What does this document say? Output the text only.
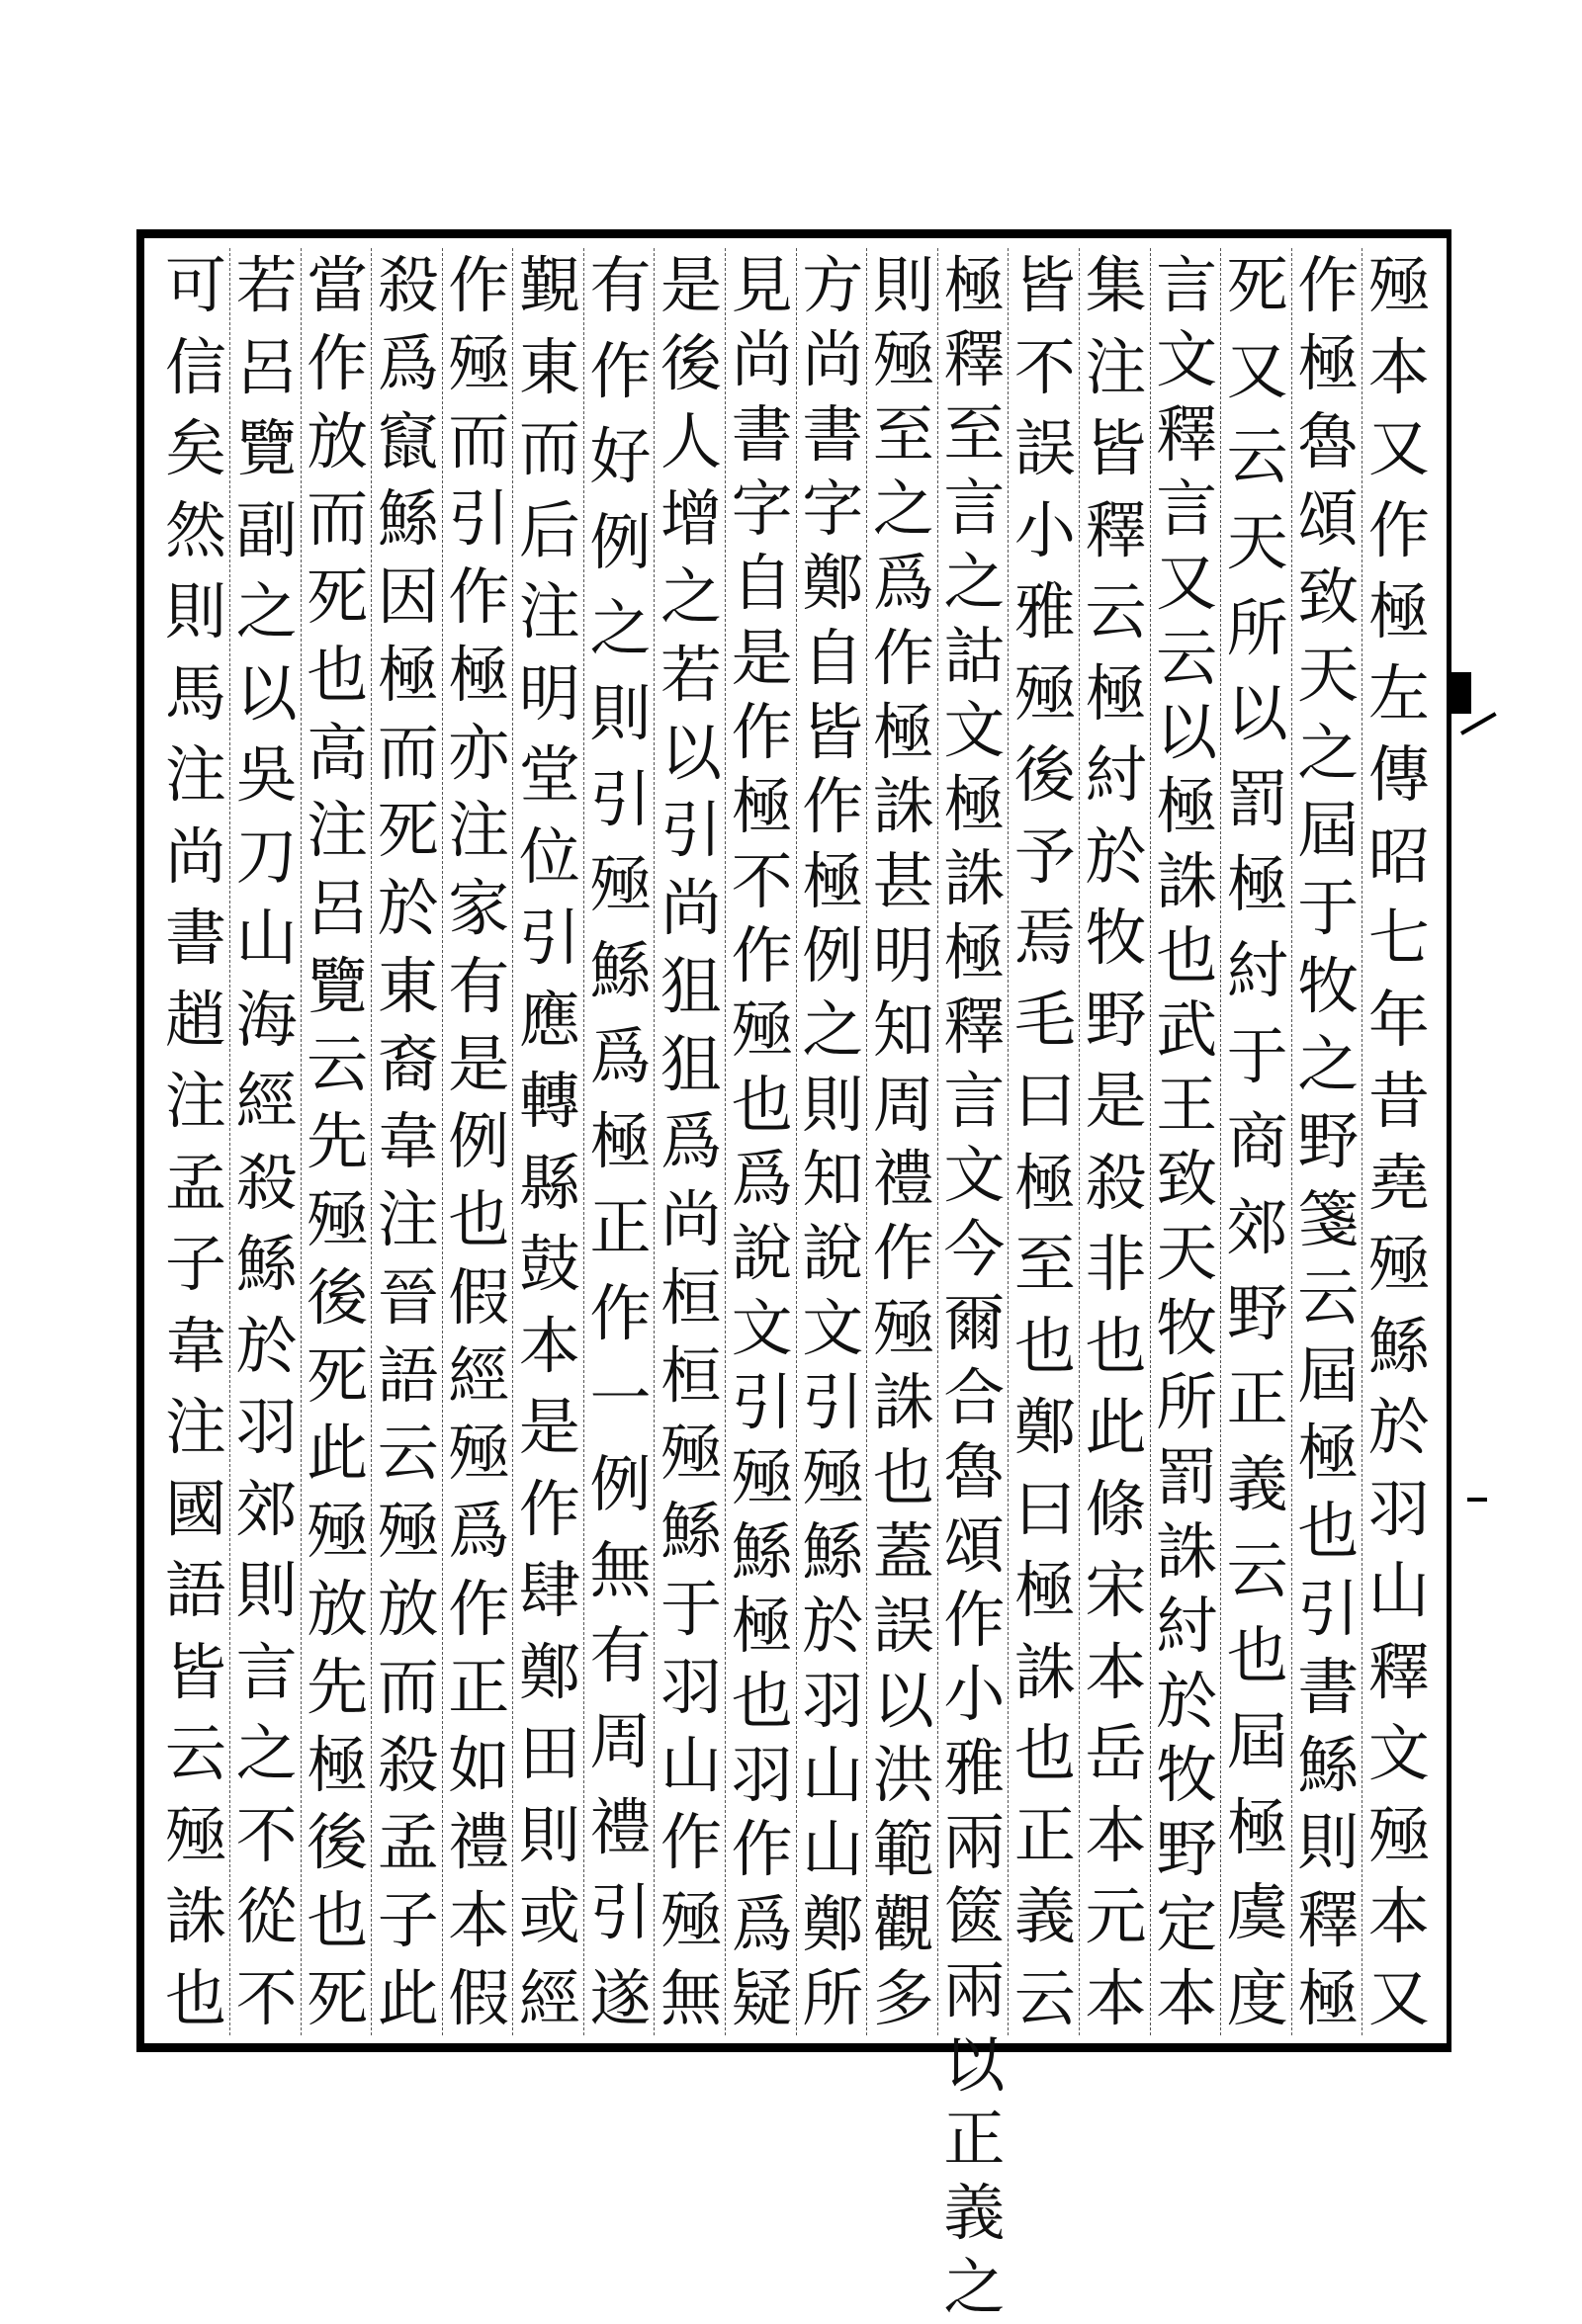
殛
本
又
作
極
左
傳
昭
七
年
昔
堯
殛
鯀
於
羽
山
釋
文
殛
本
又
作
極
魯
頌
致
天
之
屆
于
牧
之
野
箋
云
屆
極
也
引
書
鯀
則
釋
極
死
又
云
天
所
以
罰
極
紂
于
商
郊
野
正
義
云
也
屆
極
虞
度
言
文
釋
言
又
云
以
極
誅
也
武
王
致
天
牧
所
罰
誅
紂
於
牧
野
定
本
集
注
皆
釋
云
極
紂
於
牧
野
是
殺
非
也
此
條
宋
本
岳
本
元
本
皆
不
誤
小
雅
殛
後
予
焉
毛
曰
極
至
也
鄭
曰
極
誅
也
正
義
云
極
釋
至
言
之
詁
文
極
誅
極
釋
言
文
今
爾
合
魯
頌
作
小
雅
兩
篋
兩
以
正
義
之
則
殛
至
之
爲
作
極
誅
甚
明
知
周
禮
作
殛
誅
也
蓋
誤
以
洪
範
觀
多
方
尚
書
字
鄭
自
皆
作
極
例
之
則
知
說
文
引
殛
鯀
於
羽
山
山
鄭
所
見
尚
書
字
自
是
作
極
不
作
殛
也
爲
說
文
引
殛
鯀
極
也
羽
作
爲
疑
是
後
人
增
之
若
以
引
尚
狙
狙
爲
尚
桓
桓
殛
鯀
于
羽
山
作
殛
無
有
作
好
例
之
則
引
殛
鯀
爲
極
正
作
一
例
無
有
周
禮
引
遂
覲
東
而
后
注
明
堂
位
引
應
轉
縣
鼓
本
是
作
肆
鄭
田
則
或
經
作
殛
而
引
作
極
亦
注
家
有
是
例
也
假
經
殛
爲
作
正
如
禮
本
假
殺
爲
竄
鯀
因
極
而
死
於
東
裔
韋
注
晉
語
云
殛
放
而
殺
孟
子
此
當
作
放
而
死
也
高
注
呂
覽
云
先
殛
後
死
此
殛
放
先
極
後
也
死
若
呂
覽
副
之
以
吳
刀
山
海
經
殺
鯀
於
羽
郊
則
言
之
不
從
不
可
信
矣
然
則
馬
注
尚
書
趙
注
孟
子
韋
注
國
語
皆
云
殛
誅
也
